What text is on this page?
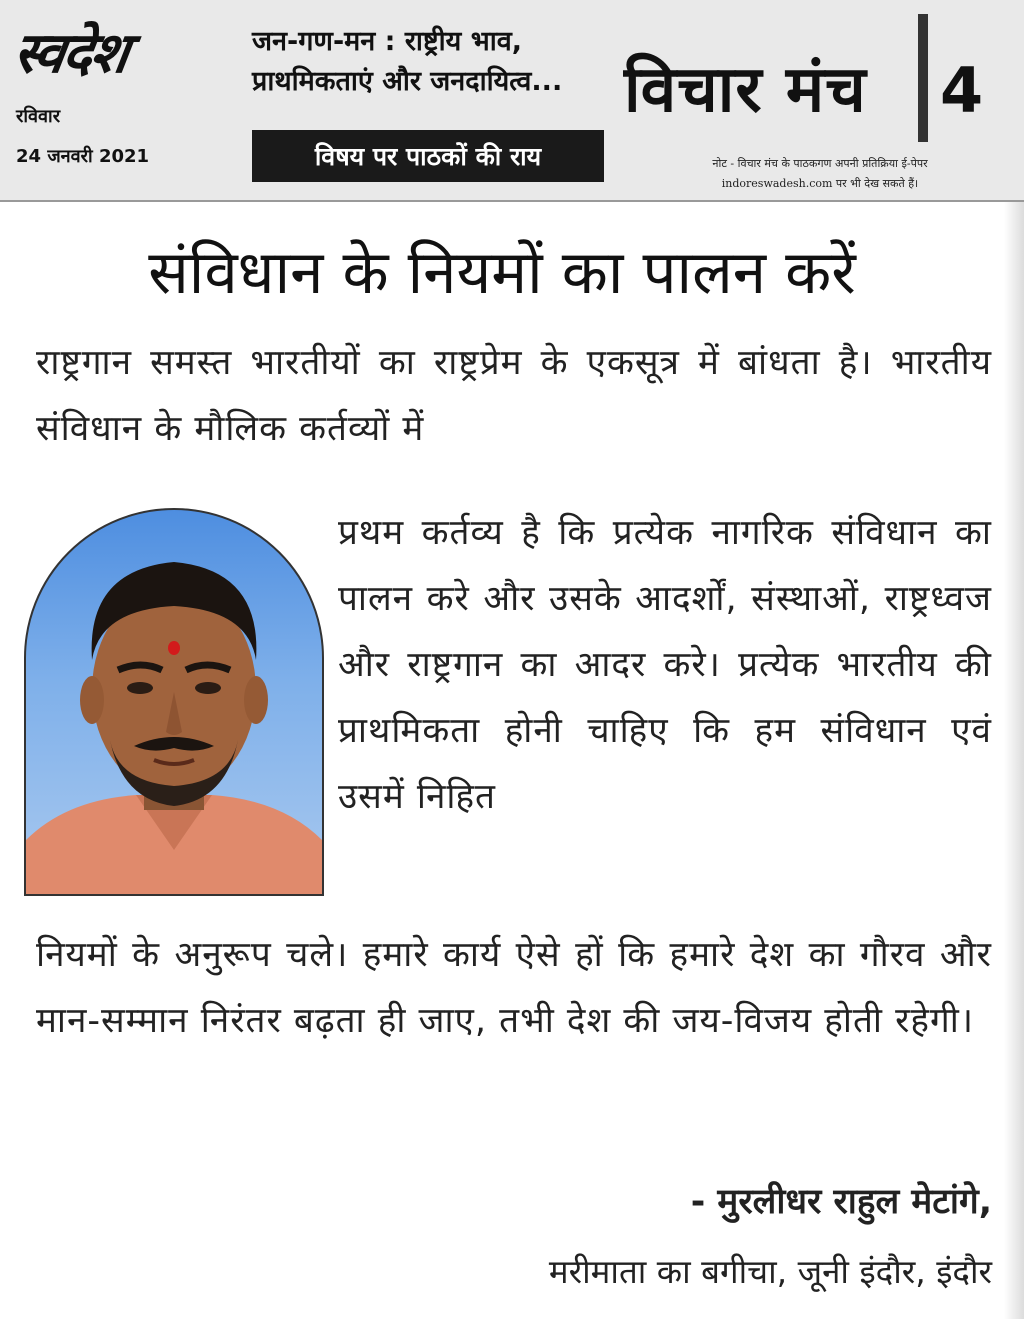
स्वदेश
रविवार
24 जनवरी 2021
जन-गण-मन : राष्ट्रीय भाव,
प्राथमिकताएं और जनदायित्व...
विषय पर पाठकों की राय
विचार मंच 4
नोट - विचार मंच के पाठकगण अपनी प्रतिक्रिया ई-पेपर
indoreswadesh.com पर भी देख सकते हैं।
संविधान के नियमों का पालन करें
राष्ट्रगान समस्त भारतीयों का राष्ट्रप्रेम के एकसूत्र में बांधता है। भारतीय संविधान के मौलिक कर्तव्यों में
प्रथम कर्तव्य है कि प्रत्येक नागरिक संविधान का पालन करे और उसके आदर्शों, संस्थाओं, राष्ट्रध्वज और राष्ट्रगान का आदर करे। प्रत्येक भारतीय की प्राथमिकता होनी चाहिए कि हम संविधान एवं उसमें निहित
नियमों के अनुरूप चले। हमारे कार्य ऐसे हों कि हमारे देश का गौरव और मान-सम्मान निरंतर बढ़ता ही जाए, तभी देश की जय-विजय होती रहेगी।
- मुरलीधर राहुल मेटांगे,
मरीमाता का बगीचा, जूनी इंदौर, इंदौर
